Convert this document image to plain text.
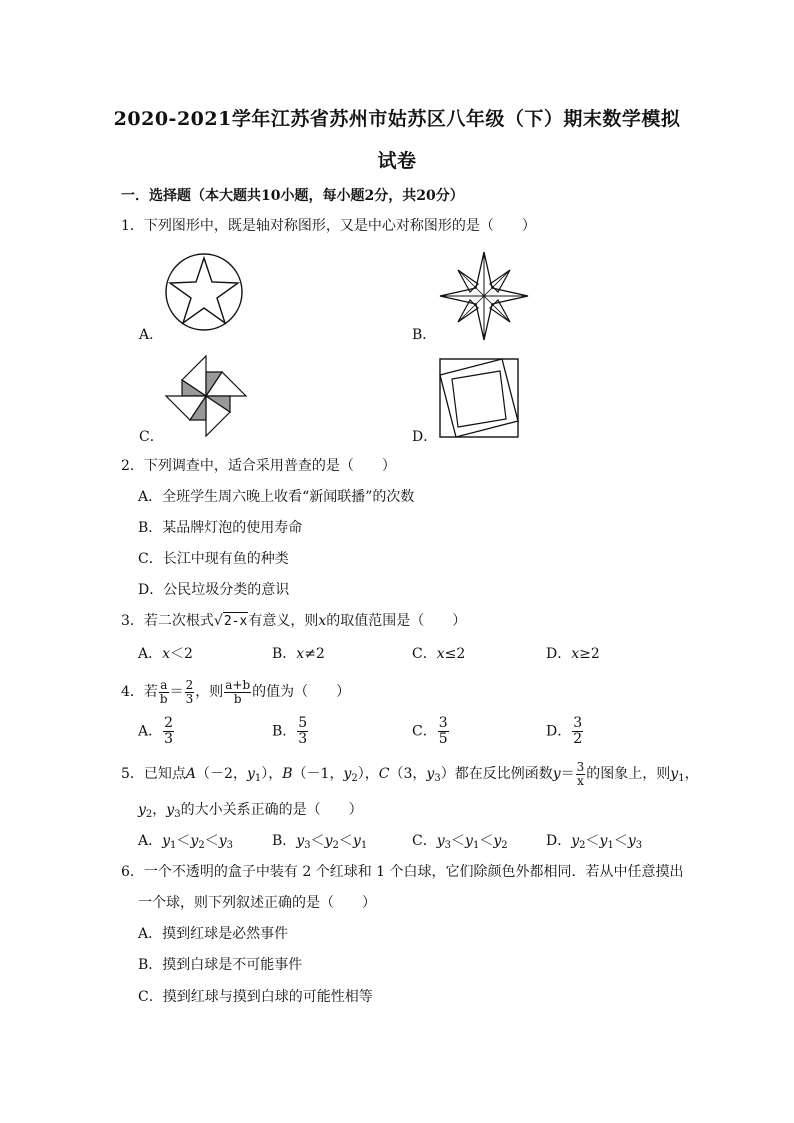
2020-2021学年江苏省苏州市姑苏区八年级（下）期末数学模拟
试卷
一．选择题（本大题共10小题，每小题2分，共20分）
1．下列图形中，既是轴对称图形，又是中心对称图形的是（　　）
A．	B．
C．	D．
2．下列调查中，适合采用普查的是（　　）
A．全班学生周六晚上收看“新闻联播”的次数
B．某品牌灯泡的使用寿命
C．长江中现有鱼的种类
D．公民垃圾分类的意识
3．若二次根式√2-x有意义，则x的取值范围是（　　）
A．x＜2	B．x≠2	C．x≤2	D．x≥2
4．若 $\frac{a}{b} = \frac{2}{3}$ ，则 $\frac{a+b}{b}$ 的值为（　　）
A． $\frac{2}{3}$	B． $\frac{5}{3}$	C． $\frac{3}{5}$	D． $\frac{3}{2}$
5．已知点A（－2，$y_1$），B（－1，$y_2$），C（3，$y_3$）都在反比例函数$y= \frac{3}{x}$ 的图象上，则$y_1$，
$y_2$，$y_3$的大小关系正确的是（　　）
A．$y_1<y_2<y_3$	B．$y_3<y_2<y_1$	C．$y_3<y_1<y_2$	D．$y_2<y_1<y_3$
6．一个不透明的盒子中装有 2 个红球和 1 个白球，它们除颜色外都相同．若从中任意摸出
一个球，则下列叙述正确的是（　　）
A．摸到红球是必然事件
B．摸到白球是不可能事件
C．摸到红球与摸到白球的可能性相等
